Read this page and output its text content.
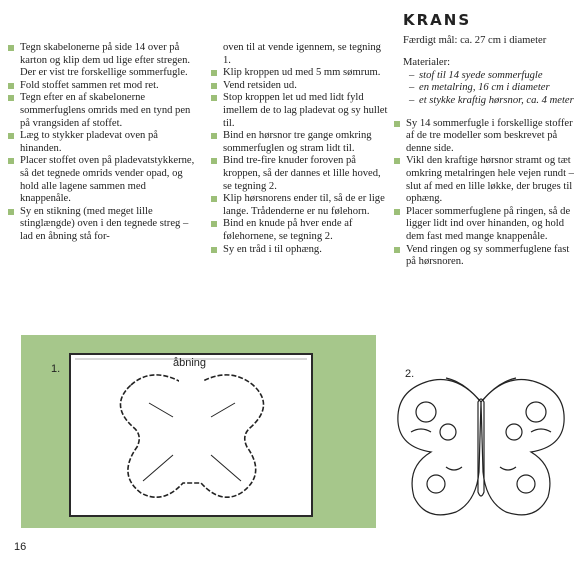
Tegn skabelonerne på side 14 over på karton og klip dem ud lige efter stregen. Der er vist tre forskellige sommerfugle.
Fold stoffet sammen ret mod ret.
Tegn efter en af skabelonerne sommerfuglens omrids med en tynd pen på vrangsiden af stoffet.
Læg to stykker pladevat oven på hinanden.
Placer stoffet oven på pladevatstykkerne, så det tegnede omrids vender opad, og hold alle lagene sammen med knappenåle.
Sy en stikning (med meget lille stinglængde) oven i den tegnede streg – lad en åbning stå for-
oven til at vende igennem, se tegning 1.
Klip kroppen ud med 5 mm sømrum.
Vend retsiden ud.
Stop kroppen let ud med lidt fyld imellem de to lag pladevat og sy hullet til.
Bind en hørsnor tre gange omkring sommerfuglen og stram lidt til.
Bind tre-fire knuder foroven på kroppen, så der dannes et lille hoved, se tegning 2.
Klip hørsnorens ender til, så de er lige lange. Trådenderne er nu følehorn.
Bind en knude på hver ende af følehornene, se tegning 2.
Sy en tråd i til ophæng.
KRANS
Færdigt mål: ca. 27 cm i diameter
Materialer:
– stof til 14 syede sommerfugle
– en metalring, 16 cm i diameter
– et stykke kraftig hørsnor, ca. 4 meter
Sy 14 sommerfugle i forskellige stoffer af de tre modeller som beskrevet på denne side.
Vikl den kraftige hørsnor stramt og tæt omkring metalringen hele vejen rundt – slut af med en lille løkke, der bruges til ophæng.
Placer sommerfuglene på ringen, så de ligger lidt ind over hinanden, og hold dem fast med mange knappenåle.
Vend ringen og sy sommerfuglene fast på hørsnoren.
1.	åbning
2.
16
